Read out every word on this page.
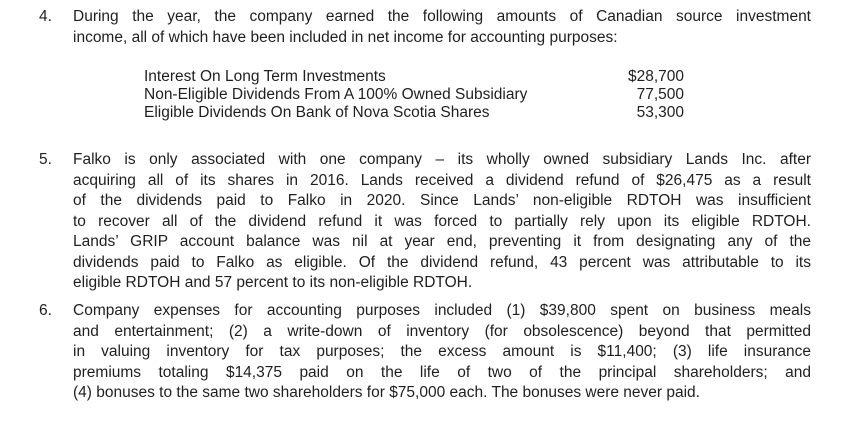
4. During the year, the company earned the following amounts of Canadian source investment
income, all of which have been included in net income for accounting purposes:
Interest On Long Term Investments	$28,700
Non-Eligible Dividends From A 100% Owned Subsidiary	77,500
Eligible Dividends On Bank of Nova Scotia Shares	53,300
5. Falko is only associated with one company – its wholly owned subsidiary Lands Inc. after
acquiring all of its shares in 2016. Lands received a dividend refund of $26,475 as a result
of the dividends paid to Falko in 2020. Since Lands’ non-eligible RDTOH was insufficient
to recover all of the dividend refund it was forced to partially rely upon its eligible RDTOH.
Lands’ GRIP account balance was nil at year end, preventing it from designating any of the
dividends paid to Falko as eligible. Of the dividend refund, 43 percent was attributable to its
eligible RDTOH and 57 percent to its non-eligible RDTOH.
6. Company expenses for accounting purposes included (1) $39,800 spent on business meals
and entertainment; (2) a write-down of inventory (for obsolescence) beyond that permitted
in valuing inventory for tax purposes; the excess amount is $11,400; (3) life insurance
premiums totaling $14,375 paid on the life of two of the principal shareholders; and
(4) bonuses to the same two shareholders for $75,000 each. The bonuses were never paid.
